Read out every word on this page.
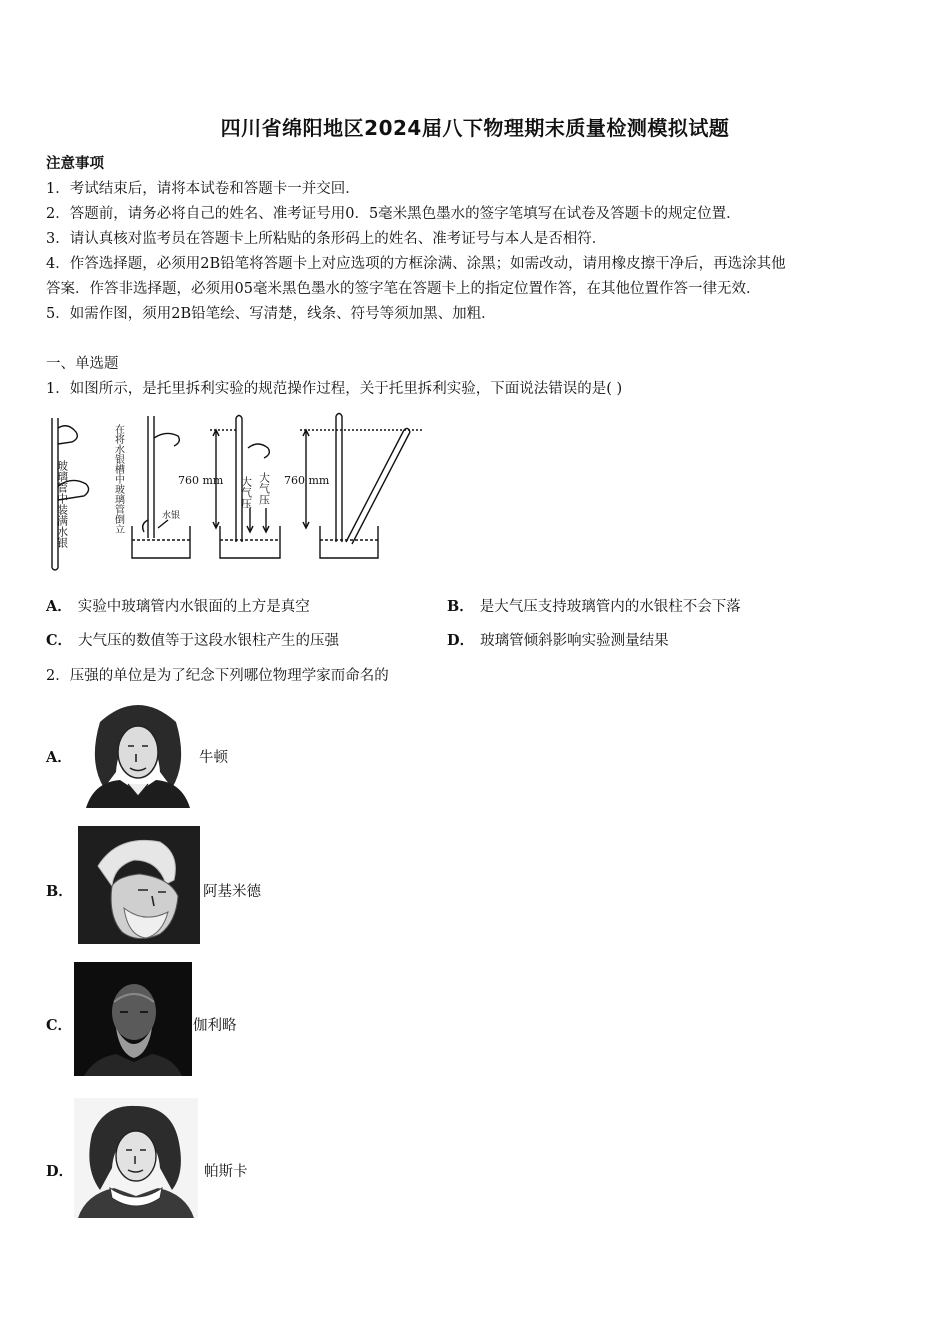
四川省绵阳地区2024届八下物理期末质量检测模拟试题
注意事项
1．考试结束后，请将本试卷和答题卡一并交回．
2．答题前，请务必将自己的姓名、准考证号用0．5毫米黑色墨水的签字笔填写在试卷及答题卡的规定位置．
3．请认真核对监考员在答题卡上所粘贴的条形码上的姓名、准考证号与本人是否相符．
4．作答选择题，必须用2B铅笔将答题卡上对应选项的方框涂满、涂黑；如需改动，请用橡皮擦干净后，再选涂其他
答案．作答非选择题，必须用05毫米黑色墨水的签字笔在答题卡上的指定位置作答，在其他位置作答一律无效．
5．如需作图，须用2B铅笔绘、写清楚，线条、符号等须加黑、加粗．
一、单选题
1．如图所示，是托里拆利实验的规范操作过程，关于托里拆利实验，下面说法错误的是( )
玻璃管中装满水银	在将水银槽中玻璃管倒立	水银
760 mm 大气压 大气压 760 mm
A． 实验中玻璃管内水银面的上方是真空	B． 是大气压支持玻璃管内的水银柱不会下落
C． 大气压的数值等于这段水银柱产生的压强	D． 玻璃管倾斜影响实验测量结果
2．压强的单位是为了纪念下列哪位物理学家而命名的
A．	牛顿
B．	阿基米德
C．	伽利略
D．	帕斯卡
